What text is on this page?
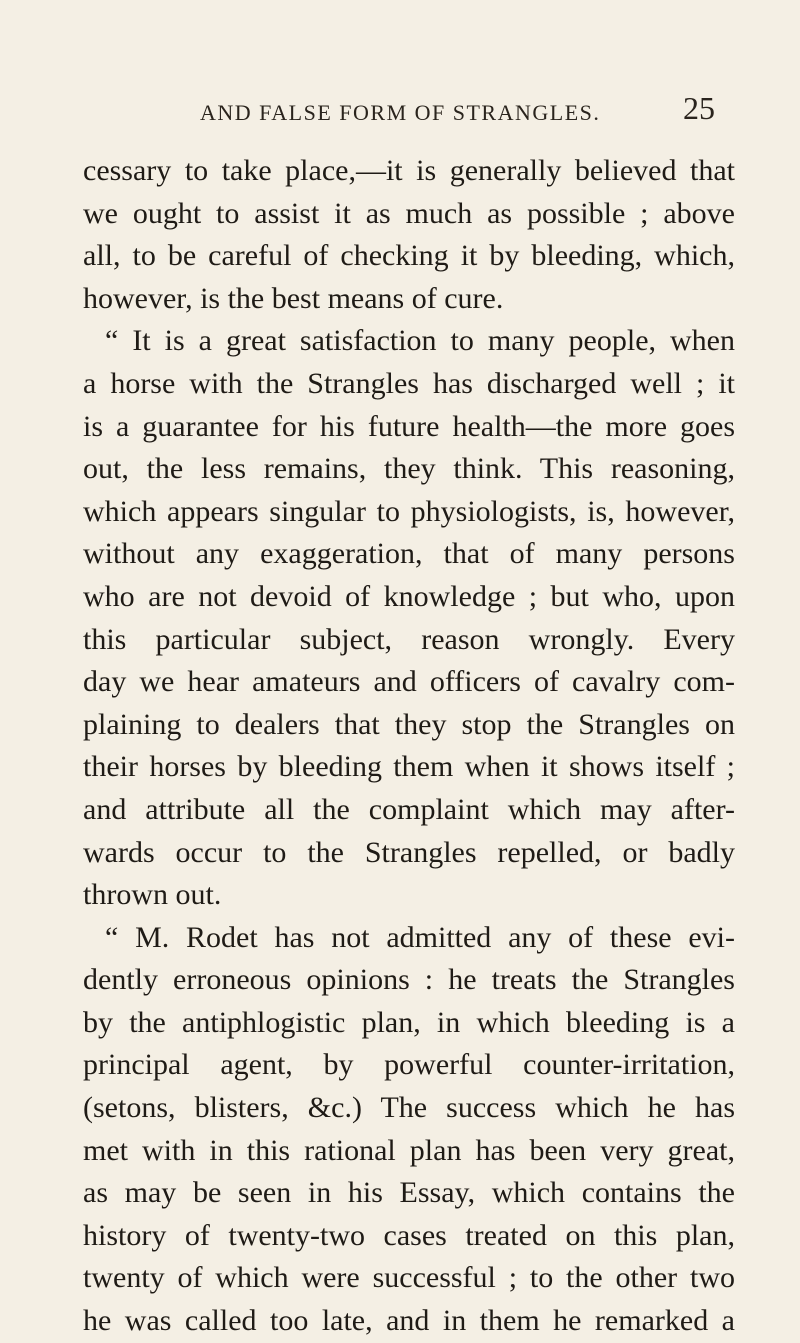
AND FALSE FORM OF STRANGLES.	25
cessary to take place,—it is generally believed that
we ought to assist it as much as possible ; above
all, to be careful of checking it by bleeding, which,
however, is the best means of cure.
“ It is a great satisfaction to many people, when
a horse with the Strangles has discharged well ; it
is a guarantee for his future health—the more goes
out, the less remains, they think. This reasoning,
which appears singular to physiologists, is, however,
without any exaggeration, that of many persons
who are not devoid of knowledge ; but who, upon
this particular subject, reason wrongly. Every
day we hear amateurs and officers of cavalry com-
plaining to dealers that they stop the Strangles on
their horses by bleeding them when it shows itself ;
and attribute all the complaint which may after-
wards occur to the Strangles repelled, or badly
thrown out.
“ M. Rodet has not admitted any of these evi-
dently erroneous opinions : he treats the Strangles
by the antiphlogistic plan, in which bleeding is a
principal agent, by powerful counter-irritation,
(setons, blisters, &c.) The success which he has
met with in this rational plan has been very great,
as may be seen in his Essay, which contains the
history of twenty-two cases treated on this plan,
twenty of which were successful ; to the other two
he was called too late, and in them he remarked a
